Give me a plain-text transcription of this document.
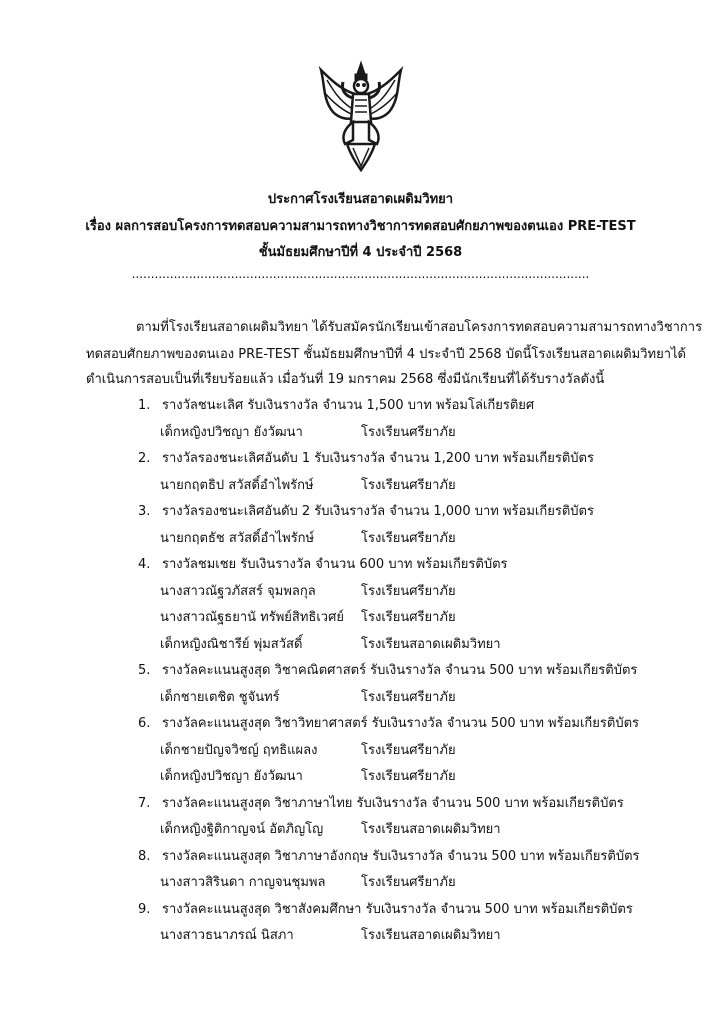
ประกาศโรงเรียนสอาดเผดิมวิทยา
เรื่อง ผลการสอบโครงการทดสอบความสามารถทางวิชาการทดสอบศักยภาพของตนเอง PRE-TEST
ชั้นมัธยมศึกษาปีที่ 4 ประจำปี 2568
........................................................................................................................
ตามที่โรงเรียนสอาดเผดิมวิทยา ได้รับสมัครนักเรียนเข้าสอบโครงการทดสอบความสามารถทางวิชาการ
ทดสอบศักยภาพของตนเอง PRE-TEST ชั้นมัธยมศึกษาปีที่ 4 ประจำปี 2568 บัดนี้โรงเรียนสอาดเผดิมวิทยาได้
ดำเนินการสอบเป็นที่เรียบร้อยแล้ว เมื่อวันที่ 19 มกราคม 2568 ซึ่งมีนักเรียนที่ได้รับรางวัลดังนี้
1. รางวัลชนะเลิศ รับเงินรางวัล จำนวน 1,500 บาท พร้อมโล่เกียรติยศ
เด็กหญิงปวิชญา ยังวัฒนา	โรงเรียนศรียาภัย
2. รางวัลรองชนะเลิศอันดับ 1 รับเงินรางวัล จำนวน 1,200 บาท พร้อมเกียรติบัตร
นายกฤตธิป สวัสดิ์อำไพรักษ์	โรงเรียนศรียาภัย
3. รางวัลรองชนะเลิศอันดับ 2 รับเงินรางวัล จำนวน 1,000 บาท พร้อมเกียรติบัตร
นายกฤตธัช สวัสดิ์อำไพรักษ์	โรงเรียนศรียาภัย
4. รางวัลชมเชย รับเงินรางวัล จำนวน 600 บาท พร้อมเกียรติบัตร
นางสาวณัฐวภัสสร์ จุมพลกุล	โรงเรียนศรียาภัย
นางสาวณัฐธยานั ทรัพย์สิทธิเวศย์ โรงเรียนศรียาภัย
เด็กหญิงณิชารีย์ พุ่มสวัสดิ์	โรงเรียนสอาดเผดิมวิทยา
5. รางวัลคะแนนสูงสุด วิชาคณิตศาสตร์ รับเงินรางวัล จำนวน 500 บาท พร้อมเกียรติบัตร
เด็กชายเตชิต ชูจันทร์	โรงเรียนศรียาภัย
6. รางวัลคะแนนสูงสุด วิชาวิทยาศาสตร์ รับเงินรางวัล จำนวน 500 บาท พร้อมเกียรติบัตร
เด็กชายปัญจวิชญ์ ฤทธิแผลง	โรงเรียนศรียาภัย
เด็กหญิงปวิชญา ยังวัฒนา	โรงเรียนศรียาภัย
7. รางวัลคะแนนสูงสุด วิชาภาษาไทย รับเงินรางวัล จำนวน 500 บาท พร้อมเกียรติบัตร
เด็กหญิงฐิติกาญจน์ อัตภิญโญ	โรงเรียนสอาดเผดิมวิทยา
8. รางวัลคะแนนสูงสุด วิชาภาษาอังกฤษ รับเงินรางวัล จำนวน 500 บาท พร้อมเกียรติบัตร
นางสาวสิรินดา กาญจนชุมพล	โรงเรียนศรียาภัย
9. รางวัลคะแนนสูงสุด วิชาสังคมศึกษา รับเงินรางวัล จำนวน 500 บาท พร้อมเกียรติบัตร
นางสาวธนาภรณ์ นิสภา	โรงเรียนสอาดเผดิมวิทยา
